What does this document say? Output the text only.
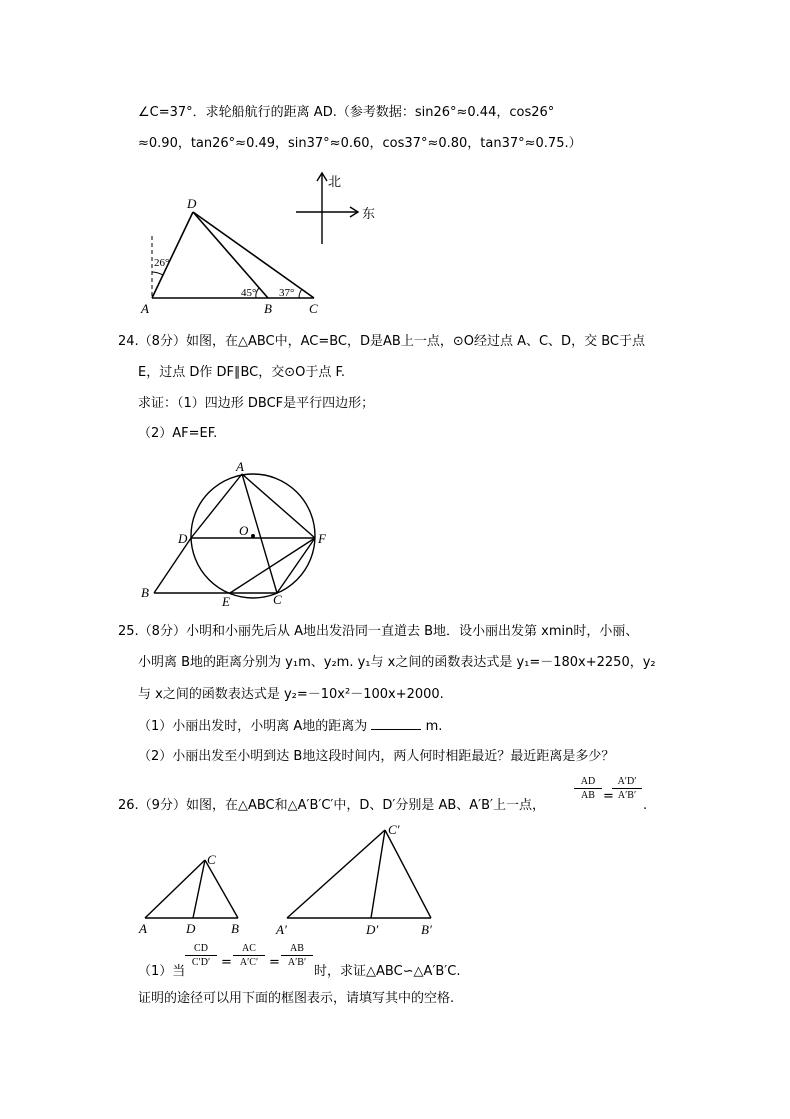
∠C=37°．求轮船航行的距离 AD.（参考数据：sin26°≈0.44，cos26°
≈0.90，tan26°≈0.49，sin37°≈0.60，cos37°≈0.80，tan37°≈0.75.）
D
A	B	C
26°
45° 37°
北
东
24.（8分）如图，在△ABC中，AC=BC，D是AB上一点，⊙O经过点 A、C、D，交 BC于点
E，过点 D作 DF∥BC，交⊙O于点 F.
求证：（1）四边形 DBCF是平行四边形；
（2）AF=EF.
A
D
O
F
B
E	C
25.（8分）小明和小丽先后从 A地出发沿同一直道去 B地．设小丽出发第 xmin时，小丽、
小明离 B地的距离分别为 y₁m、y₂m. y₁与 x之间的函数表达式是 y₁=－180x+2250，y₂
与 x之间的函数表达式是 y₂=－10x²－100x+2000.
（1）小丽出发时，小明离 A地的距离为	m.
（2）小丽出发至小明到达 B地这段时间内，两人何时相距最近？最近距离是多少？
26.（9分）如图，在△ABC和△A′B′C′中，D、D′分别是 AB、A′B′上一点，
$\frac{AD}{AB}$ =
$\frac{A'D'}{A'B'}$
.
A	D	B
C
A′	D′	B′
C′
（1）当
$\frac{CD}{C'D'} = \frac{AC}{A'C'} = \frac{AB}{A'B'}$
时，求证△ABC∽△A′B′C.
证明的途径可以用下面的框图表示，请填写其中的空格.
